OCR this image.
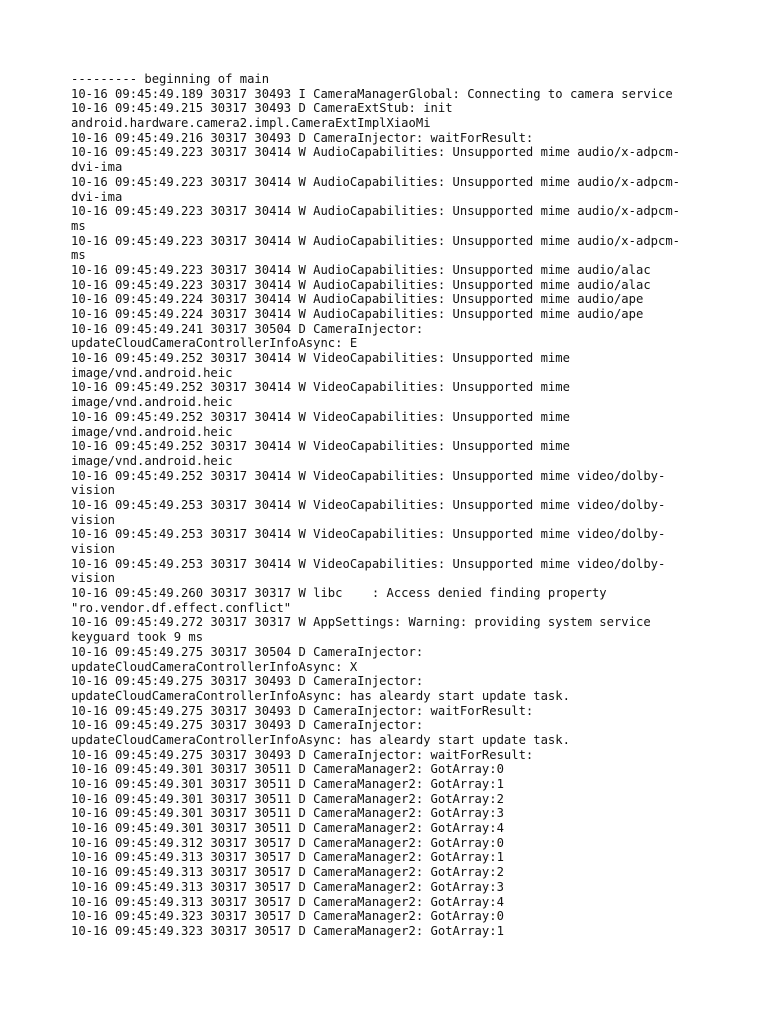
--------- beginning of main
10-16 09:45:49.189 30317 30493 I CameraManagerGlobal: Connecting to camera service
10-16 09:45:49.215 30317 30493 D CameraExtStub: init
android.hardware.camera2.impl.CameraExtImplXiaoMi
10-16 09:45:49.216 30317 30493 D CameraInjector: waitForResult:
10-16 09:45:49.223 30317 30414 W AudioCapabilities: Unsupported mime audio/x-adpcm-
dvi-ima
10-16 09:45:49.223 30317 30414 W AudioCapabilities: Unsupported mime audio/x-adpcm-
dvi-ima
10-16 09:45:49.223 30317 30414 W AudioCapabilities: Unsupported mime audio/x-adpcm-
ms
10-16 09:45:49.223 30317 30414 W AudioCapabilities: Unsupported mime audio/x-adpcm-
ms
10-16 09:45:49.223 30317 30414 W AudioCapabilities: Unsupported mime audio/alac
10-16 09:45:49.223 30317 30414 W AudioCapabilities: Unsupported mime audio/alac
10-16 09:45:49.224 30317 30414 W AudioCapabilities: Unsupported mime audio/ape
10-16 09:45:49.224 30317 30414 W AudioCapabilities: Unsupported mime audio/ape
10-16 09:45:49.241 30317 30504 D CameraInjector:
updateCloudCameraControllerInfoAsync: E
10-16 09:45:49.252 30317 30414 W VideoCapabilities: Unsupported mime
image/vnd.android.heic
10-16 09:45:49.252 30317 30414 W VideoCapabilities: Unsupported mime
image/vnd.android.heic
10-16 09:45:49.252 30317 30414 W VideoCapabilities: Unsupported mime
image/vnd.android.heic
10-16 09:45:49.252 30317 30414 W VideoCapabilities: Unsupported mime
image/vnd.android.heic
10-16 09:45:49.252 30317 30414 W VideoCapabilities: Unsupported mime video/dolby-
vision
10-16 09:45:49.253 30317 30414 W VideoCapabilities: Unsupported mime video/dolby-
vision
10-16 09:45:49.253 30317 30414 W VideoCapabilities: Unsupported mime video/dolby-
vision
10-16 09:45:49.253 30317 30414 W VideoCapabilities: Unsupported mime video/dolby-
vision
10-16 09:45:49.260 30317 30317 W libc    : Access denied finding property
"ro.vendor.df.effect.conflict"
10-16 09:45:49.272 30317 30317 W AppSettings: Warning: providing system service
keyguard took 9 ms
10-16 09:45:49.275 30317 30504 D CameraInjector:
updateCloudCameraControllerInfoAsync: X
10-16 09:45:49.275 30317 30493 D CameraInjector:
updateCloudCameraControllerInfoAsync: has aleardy start update task.
10-16 09:45:49.275 30317 30493 D CameraInjector: waitForResult:
10-16 09:45:49.275 30317 30493 D CameraInjector:
updateCloudCameraControllerInfoAsync: has aleardy start update task.
10-16 09:45:49.275 30317 30493 D CameraInjector: waitForResult:
10-16 09:45:49.301 30317 30511 D CameraManager2: GotArray:0
10-16 09:45:49.301 30317 30511 D CameraManager2: GotArray:1
10-16 09:45:49.301 30317 30511 D CameraManager2: GotArray:2
10-16 09:45:49.301 30317 30511 D CameraManager2: GotArray:3
10-16 09:45:49.301 30317 30511 D CameraManager2: GotArray:4
10-16 09:45:49.312 30317 30517 D CameraManager2: GotArray:0
10-16 09:45:49.313 30317 30517 D CameraManager2: GotArray:1
10-16 09:45:49.313 30317 30517 D CameraManager2: GotArray:2
10-16 09:45:49.313 30317 30517 D CameraManager2: GotArray:3
10-16 09:45:49.313 30317 30517 D CameraManager2: GotArray:4
10-16 09:45:49.323 30317 30517 D CameraManager2: GotArray:0
10-16 09:45:49.323 30317 30517 D CameraManager2: GotArray:1
